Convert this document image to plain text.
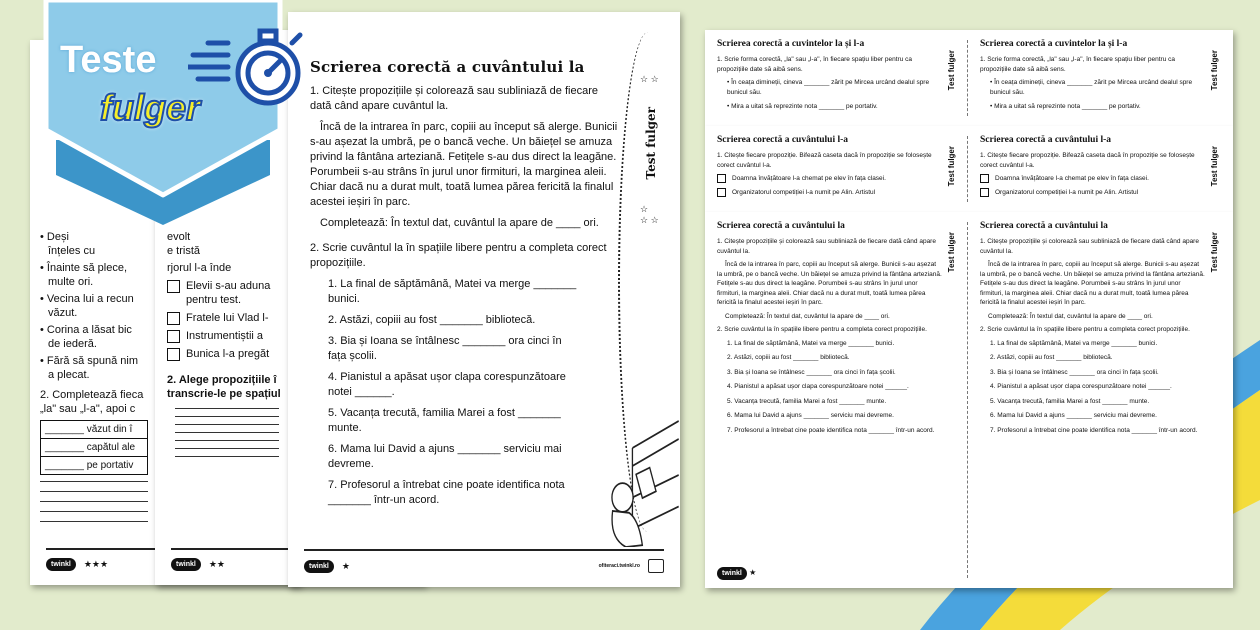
• Deși
înțeles cu
• Înainte să plece,
multe ori.
• Vecina lui a recun
văzut.
• Corina a lăsat bic
de iederă.
• Fără să spună nim
a plecat.
2. Completează fieca
„la" sau „l-a", apoi c
_______ văzut din î
_______ capătul ale
_______ pe portativ
twinkl	★★★
evolt
e tristă
rjorul l-a înde
Elevii s-au aduna
pentru test.
Fratele lui Vlad l-
Instrumentiștii a
Bunica l-a pregăt
2. Alege propozițiile î
transcrie-le pe spațiul
twinkl	★★
Scrierea corectă a cuvântului la
Test fulger
☆ ☆
☆
☆ ☆
1. Citește propozițiile și colorează sau subliniază de fiecare dată când apare cuvântul la.
Încă de la intrarea în parc, copiii au început să alerge. Bunicii s-au așezat la umbră, pe o bancă veche. Un băiețel se amuza privind la fântâna arteziană. Fetițele s-au dus direct la leagăne. Porumbeii s-au strâns în jurul unor firmituri, la marginea aleii. Chiar dacă nu a durat mult, toată lumea părea fericită la finalul acestei ieșiri în parc.
Completează: În textul dat, cuvântul la apare de ____ ori.
2. Scrie cuvântul la în spațiile libere pentru a completa corect propozițiile.
1. La final de săptămână, Matei va merge _______ bunici.
2. Astăzi, copiii au fost _______ bibliotecă.
3. Bia și Ioana se întâlnesc _______ ora cinci în fața școlii.
4. Pianistul a apăsat ușor clapa corespunzătoare notei ______.
5. Vacanța trecută, familia Marei a fost _______ munte.
6. Mama lui David a ajuns _______ serviciu mai devreme.
7. Profesorul a întrebat cine poate identifica nota _______ într-un acord.
twinkl	★	ofiteraci.twinkl.ro
Scrierea corectă a cuvintelor la și l-a

1. Scrie forma corectă, „la" sau „l-a", în fiecare spațiu liber pentru ca propozițiile date să aibă sens.

• În ceața dimineții, cineva _______ zărit pe Mircea urcând dealul spre bunicul său.

• Mira a uitat să reprezinte nota _______ pe portativ.

Test fulger
Scrierea corectă a cuvintelor la și l-a

1. Scrie forma corectă, „la" sau „l-a", în fiecare spațiu liber pentru ca propozițiile date să aibă sens.

• În ceața dimineții, cineva _______ zărit pe Mircea urcând dealul spre bunicul său.

• Mira a uitat să reprezinte nota _______ pe portativ.

Test fulger
Scrierea corectă a cuvântului l-a

1. Citește fiecare propoziție. Bifează caseta dacă în propoziție se folosește corect cuvântul l-a.

Doamna învățătoare l-a chemat pe elev în fața clasei.

Organizatorul competiției l-a numit pe Alin. Artistul

Test fulger
Scrierea corectă a cuvântului l-a

1. Citește fiecare propoziție. Bifează caseta dacă în propoziție se folosește corect cuvântul l-a.

Doamna învățătoare l-a chemat pe elev în fața clasei.

Organizatorul competiției l-a numit pe Alin. Artistul

Test fulger
Scrierea corectă a cuvântului la

1. Citește propozițiile și colorează sau subliniază de fiecare dată când apare cuvântul la.

Încă de la intrarea în parc, copiii au început să alerge. Bunicii s-au așezat la umbră, pe o bancă veche. Un băiețel se amuza privind la fântâna arteziană. Fetițele s-au dus direct la leagăne. Porumbeii s-au strâns în jurul unor firmituri, la marginea aleii. Chiar dacă nu a durat mult, toată lumea părea fericită la finalul acestei ieșiri în parc.

Completează: În textul dat, cuvântul la apare de ____ ori.

2. Scrie cuvântul la în spațiile libere pentru a completa corect propozițiile.

1. La final de săptămână, Matei va merge _______ bunici.

2. Astăzi, copiii au fost _______ bibliotecă.

3. Bia și Ioana se întâlnesc _______ ora cinci în fața școlii.

4. Pianistul a apăsat ușor clapa corespunzătoare notei ______.

5. Vacanța trecută, familia Marei a fost _______ munte.

6. Mama lui David a ajuns _______ serviciu mai devreme.

7. Profesorul a întrebat cine poate identifica nota _______ într-un acord.

Test fulger
twinkl ★
Scrierea corectă a cuvântului la

1. Citește propozițiile și colorează sau subliniază de fiecare dată când apare cuvântul la.

Încă de la intrarea în parc, copiii au început să alerge. Bunicii s-au așezat la umbră, pe o bancă veche. Un băiețel se amuza privind la fântâna arteziană. Fetițele s-au dus direct la leagăne. Porumbeii s-au strâns în jurul unor firmituri, la marginea aleii. Chiar dacă nu a durat mult, toată lumea părea fericită la finalul acestei ieșiri în parc.

Completează: În textul dat, cuvântul la apare de ____ ori.

2. Scrie cuvântul la în spațiile libere pentru a completa corect propozițiile.

1. La final de săptămână, Matei va merge _______ bunici.

2. Astăzi, copiii au fost _______ bibliotecă.

3. Bia și Ioana se întâlnesc _______ ora cinci în fața școlii.

4. Pianistul a apăsat ușor clapa corespunzătoare notei ______.

5. Vacanța trecută, familia Marei a fost _______ munte.

6. Mama lui David a ajuns _______ serviciu mai devreme.

7. Profesorul a întrebat cine poate identifica nota _______ într-un acord.

Test fulger
Teste
fulger
